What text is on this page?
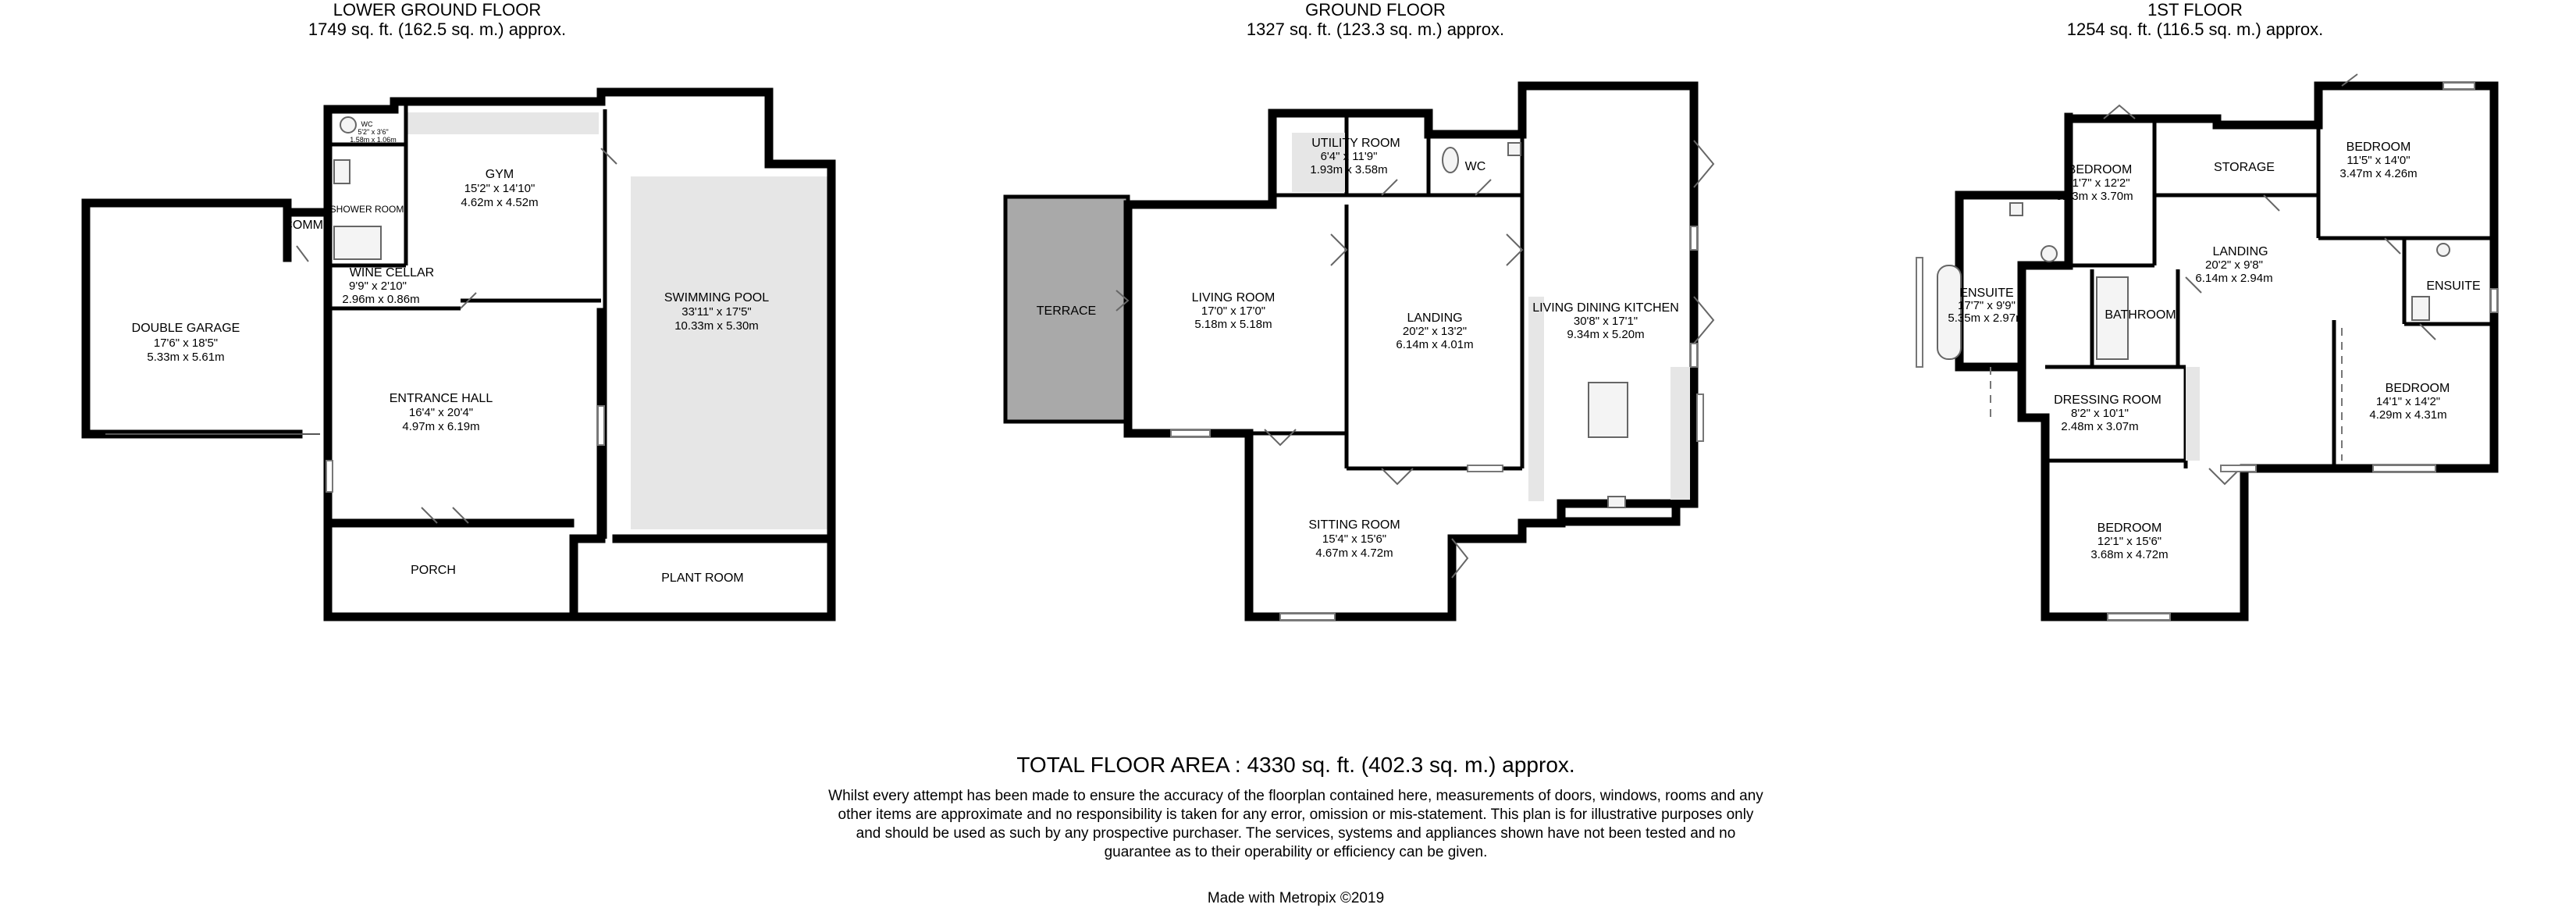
LOWER GROUND FLOOR
1749 sq. ft. (162.5 sq. m.) approx.
GROUND FLOOR
1327 sq. ft. (123.3 sq. m.) approx.
1ST FLOOR
1254 sq. ft. (116.5 sq. m.) approx.
DOUBLE GARAGE
17'6" x 18'5"
5.33m x 5.61m
COMMS
WC
5'2" x 3'6"
1.58m x 1.06m
SHOWER ROOM
GYM
15'2" x 14'10"
4.62m x 4.52m
WINE CELLAR
9'9" x 2'10"
2.96m x 0.86m
ENTRANCE HALL
16'4" x 20'4"
4.97m x 6.19m
PORCH
SWIMMING POOL
33'11" x 17'5"
10.33m x 5.30m
PLANT ROOM
TERRACE
UTILITY ROOM
6'4" x 11'9"
1.93m x 3.58m	WC
LIVING ROOM
17'0" x 17'0"
5.18m x 5.18m	LANDING
20'2" x 13'2"
6.14m x 4.01m
LIVING DINING KITCHEN
30'8" x 17'1"
9.34m x 5.20m
SITTING ROOM
15'4" x 15'6"
4.67m x 4.72m
BEDROOM
11'7" x 12'2"
3.53m x 3.70m
STORAGE
BEDROOM
11'5" x 14'0"
3.47m x 4.26m
ENSUITE
17'7" x 9'9"
5.35m x 2.97m	BATHROOM
LANDING
20'2" x 9'8"
6.14m x 2.94m
ENSUITE
BEDROOM
14'1" x 14'2"
4.29m x 4.31m
DRESSING ROOM
8'2" x 10'1"
2.48m x 3.07m
BEDROOM
12'1" x 15'6"
3.68m x 4.72m
TOTAL FLOOR AREA : 4330 sq. ft. (402.3 sq. m.) approx.
Whilst every attempt has been made to ensure the accuracy of the floorplan contained here, measurements of doors, windows, rooms and any other items are approximate and no responsibility is taken for any error, omission or mis-statement. This plan is for illustrative purposes only and should be used as such by any prospective purchaser. The services, systems and appliances shown have not been tested and no guarantee as to their operability or efficiency can be given.
Made with Metropix ©2019
